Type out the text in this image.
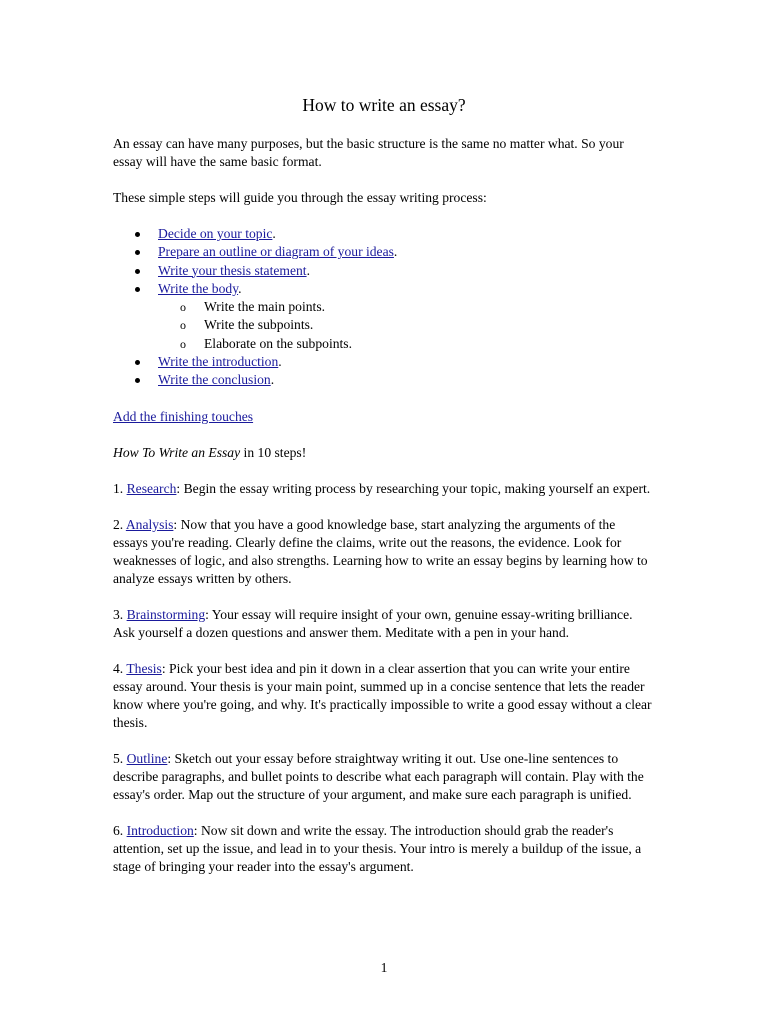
How to write an essay?

An essay can have many purposes, but the basic structure is the same no matter what. So your essay will have the same basic format.

These simple steps will guide you through the essay writing process:

Decide on your topic.
Prepare an outline or diagram of your ideas.
Write your thesis statement.
Write the body.
o Write the main points.
o Write the subpoints.
o Elaborate on the subpoints.
Write the introduction.
Write the conclusion.

Add the finishing touches

How To Write an Essay in 10 steps!

1. Research: Begin the essay writing process by researching your topic, making yourself an expert.

2. Analysis: Now that you have a good knowledge base, start analyzing the arguments of the essays you're reading. Clearly define the claims, write out the reasons, the evidence. Look for weaknesses of logic, and also strengths. Learning how to write an essay begins by learning how to analyze essays written by others.

3. Brainstorming: Your essay will require insight of your own, genuine essay-writing brilliance. Ask yourself a dozen questions and answer them. Meditate with a pen in your hand.

4. Thesis: Pick your best idea and pin it down in a clear assertion that you can write your entire essay around. Your thesis is your main point, summed up in a concise sentence that lets the reader know where you're going, and why. It's practically impossible to write a good essay without a clear thesis.

5. Outline: Sketch out your essay before straightway writing it out. Use one-line sentences to describe paragraphs, and bullet points to describe what each paragraph will contain. Play with the essay's order. Map out the structure of your argument, and make sure each paragraph is unified.

6. Introduction: Now sit down and write the essay. The introduction should grab the reader's attention, set up the issue, and lead in to your thesis. Your intro is merely a buildup of the issue, a stage of bringing your reader into the essay's argument.

1
